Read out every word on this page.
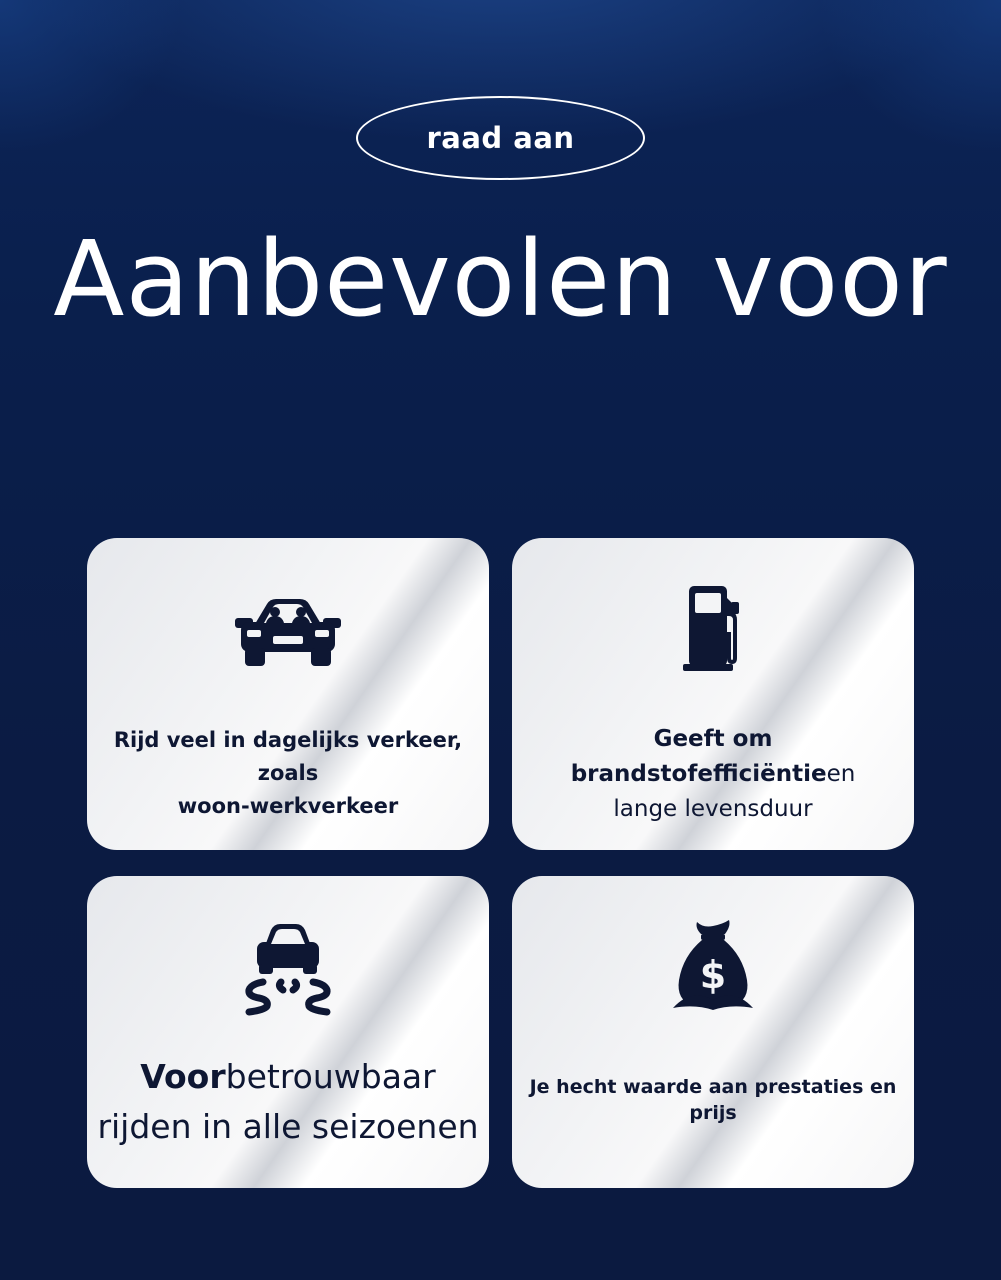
raad aan
Aanbevolen voor
Rijd veel in dagelijks verkeer, zoals
woon-werkverkeer
Geeft om brandstofefficiëntieen
lange levensduur
Voorbetrouwbaar
rijden in alle seizoenen
$
Je hecht waarde aan prestaties en prijs
